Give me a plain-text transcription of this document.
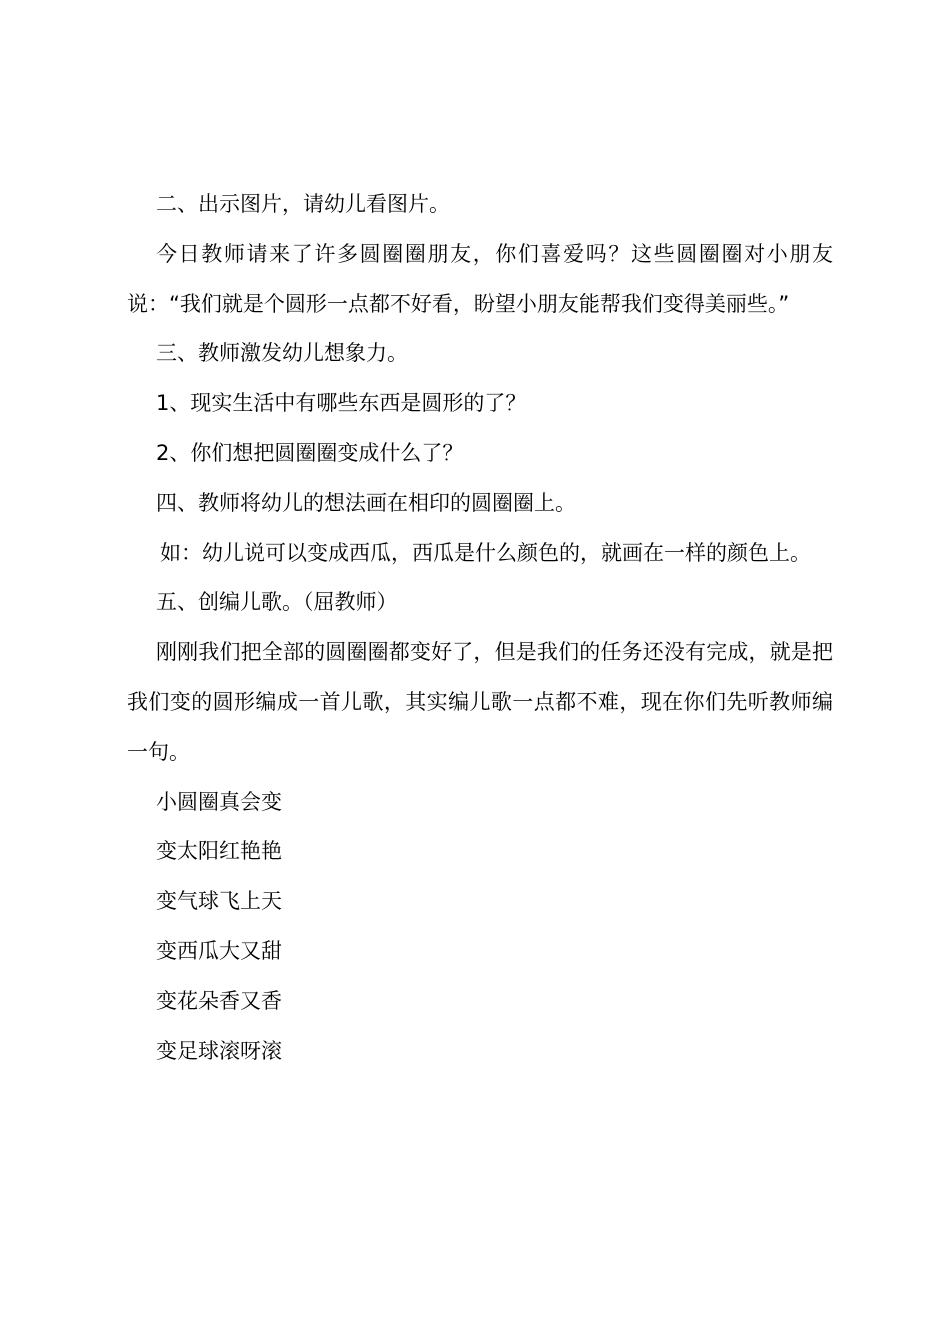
二、出示图片，请幼儿看图片。

今日教师请来了许多圆圈圈朋友，你们喜爱吗？这些圆圈圈对小朋友说：“我们就是个圆形一点都不好看，盼望小朋友能帮我们变得美丽些。”

三、教师激发幼儿想象力。

1、现实生活中有哪些东西是圆形的了？

2、你们想把圆圈圈变成什么了？

四、教师将幼儿的想法画在相印的圆圈圈上。

如：幼儿说可以变成西瓜，西瓜是什么颜色的，就画在一样的颜色上。

五、创编儿歌。（屈教师）

刚刚我们把全部的圆圈圈都变好了，但是我们的任务还没有完成，就是把我们变的圆形编成一首儿歌，其实编儿歌一点都不难，现在你们先听教师编一句。

小圆圈真会变

变太阳红艳艳

变气球飞上天

变西瓜大又甜

变花朵香又香

变足球滚呀滚
